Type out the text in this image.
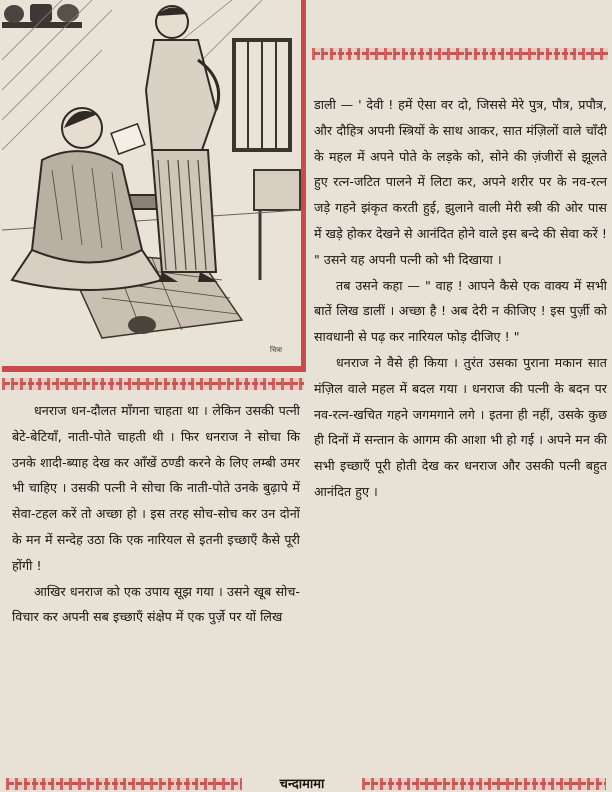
चित्रा
डाली — ' देवी ! हमें ऐसा वर दो, जिससे मेरे पुत्र, पौत्र, प्रपौत्र, और दौहित्र अपनी स्त्रियों के साथ आकर, सात मंज़िलों वाले चाँदी के महल में अपने पोते के लड़के को, सोने की ज़ंजीरों से झूलते हुए रत्न-जटित पालने में लिटा कर, अपने शरीर पर के नव-रत्न जड़े गहने झंकृत करती हुई, झुलाने वाली मेरी स्त्री की ओर पास में खड़े होकर देखने से आनंदित होने वाले इस बन्दे की सेवा करें ! " उसने यह अपनी पत्नी को भी दिखाया ।
तब उसने कहा — " वाह ! आपने कैसे एक वाक्य में सभी बातें लिख डालीं । अच्छा है ! अब देरी न कीजिए ! इस पुर्ज़ी को सावधानी से पढ़ कर नारियल फोड़ दीजिए ! "
धनराज ने वैसे ही किया । तुरंत उसका पुराना मकान सात मंज़िल वाले महल में बदल गया । धनराज की पत्नी के बदन पर नव-रत्न-खचित गहने जगमगाने लगे । इतना ही नहीं, उसके कुछ ही दिनों में सन्तान के आगम की आशा भी हो गई । अपने मन की सभी इच्छाएँ पूरी होती देख कर धनराज और उसकी पत्नी बहुत आनंदित हुए ।
धनराज धन-दौलत माँगना चाहता था । लेकिन उसकी पत्नी बेटे-बेटियाँ, नाती-पोते चाहती थी । फिर धनराज ने सोचा कि उनके शादी-ब्याह देख कर आँखें ठण्डी करने के लिए लम्बी उमर भी चाहिए । उसकी पत्नी ने सोचा कि नाती-पोते उनके बुढ़ापे में सेवा-टहल करें तो अच्छा हो । इस तरह सोच-सोच कर उन दोनों के मन में सन्देह उठा कि एक नारियल से इतनी इच्छाएँ कैसे पूरी होंगी !
आखिर धनराज को एक उपाय सूझ गया । उसने खूब सोच-विचार कर अपनी सब इच्छाएँ संक्षेप में एक पुर्ज़े पर यों लिख
चन्दामामा
